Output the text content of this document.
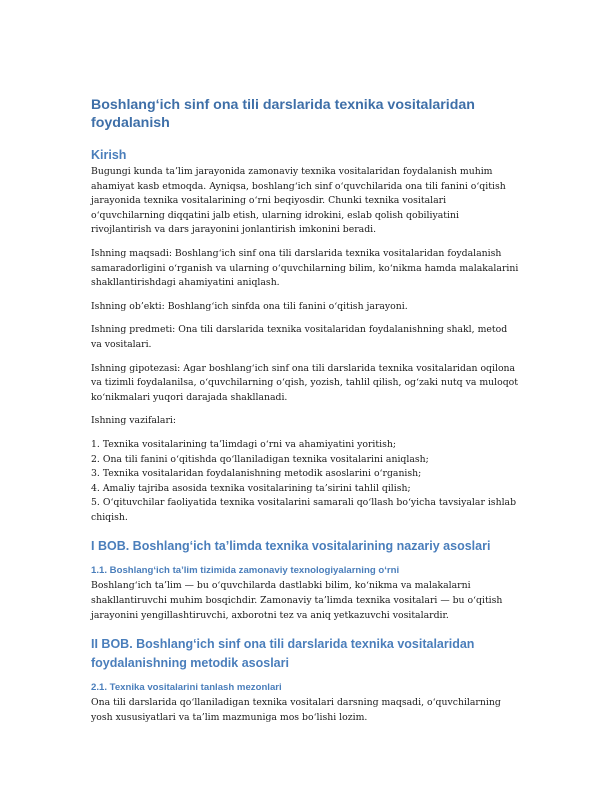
Boshlang‘ich sinf ona tili darslarida texnika vositalaridan foydalanish
Kirish

Bugungi kunda ta’lim jarayonida zamonaviy texnika vositalaridan foydalanish muhim ahamiyat kasb etmoqda. Ayniqsa, boshlang‘ich sinf o‘quvchilarida ona tili fanini o‘qitish jarayonida texnika vositalarining o‘rni beqiyosdir. Chunki texnika vositalari o‘quvchilarning diqqatini jalb etish, ularning idrokini, eslab qolish qobiliyatini rivojlantirish va dars jarayonini jonlantirish imkonini beradi.

Ishning maqsadi: Boshlang‘ich sinf ona tili darslarida texnika vositalaridan foydalanish samaradorligini o‘rganish va ularning o‘quvchilarning bilim, ko‘nikma hamda malakalarini shakllantirishdagi ahamiyatini aniqlash.

Ishning ob’ekti: Boshlang‘ich sinfda ona tili fanini o‘qitish jarayoni.

Ishning predmeti: Ona tili darslarida texnika vositalaridan foydalanishning shakl, metod va vositalari.

Ishning gipotezasi: Agar boshlang‘ich sinf ona tili darslarida texnika vositalaridan oqilona va tizimli foydalanilsa, o‘quvchilarning o‘qish, yozish, tahlil qilish, og‘zaki nutq va muloqot ko‘nikmalari yuqori darajada shakllanadi.

Ishning vazifalari:

1. Texnika vositalarining ta’limdagi o‘rni va ahamiyatini yoritish;
2. Ona tili fanini o‘qitishda qo‘llaniladigan texnika vositalarini aniqlash;
3. Texnika vositalaridan foydalanishning metodik asoslarini o‘rganish;
4. Amaliy tajriba asosida texnika vositalarining ta’sirini tahlil qilish;
5. O‘qituvchilar faoliyatida texnika vositalarini samarali qo‘llash bo‘yicha tavsiyalar ishlab chiqish.
I BOB. Boshlang‘ich ta’limda texnika vositalarining nazariy asoslari
1.1. Boshlang‘ich ta’lim tizimida zamonaviy texnologiyalarning o‘rni

Boshlang‘ich ta’lim — bu o‘quvchilarda dastlabki bilim, ko‘nikma va malakalarni shakllantiruvchi muhim bosqichdir. Zamonaviy ta’limda texnika vositalari — bu o‘qitish jarayonini yengillashtiruvchi, axborotni tez va aniq yetkazuvchi vositalardir.

II BOB. Boshlang‘ich sinf ona tili darslarida texnika vositalaridan foydalanishning metodik asoslari
2.1. Texnika vositalarini tanlash mezonlari

Ona tili darslarida qo‘llaniladigan texnika vositalari darsning maqsadi, o‘quvchilarning yosh xususiyatlari va ta’lim mazmuniga mos bo‘lishi lozim.
